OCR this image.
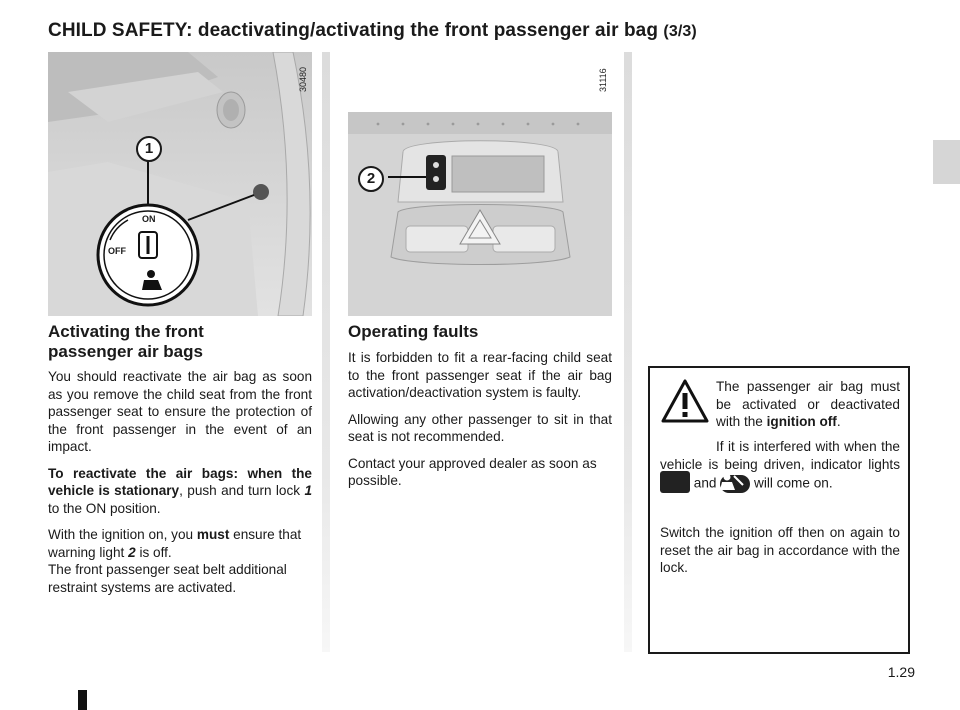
CHILD SAFETY: deactivating/activating the front passenger air bag (3/3)
1
ON
OFF
30480
2
31116
Activating the front passenger air bags

You should reactivate the air bag as soon as you remove the child seat from the front passenger seat to ensure the protection of the front passenger in the event of an impact.

To reactivate the air bags: when the vehicle is stationary, push and turn lock 1 to the ON position.

With the ignition on, you must ensure that warning light 2 is off.
The front passenger seat belt additional restraint systems are activated.

Operating faults

It is forbidden to fit a rear-facing child seat to the front passenger seat if the air bag activation/deactivation system is faulty.

Allowing any other passenger to sit in that seat is not recommended.

Contact your approved dealer as soon as possible.

The passenger air bag must be activated or deactivated with the ignition off.

If it is interfered with when the vehicle is being driven, indicator lights  and	will come on.

Switch the ignition off then on again to reset the air bag in accordance with the lock.

1.29
